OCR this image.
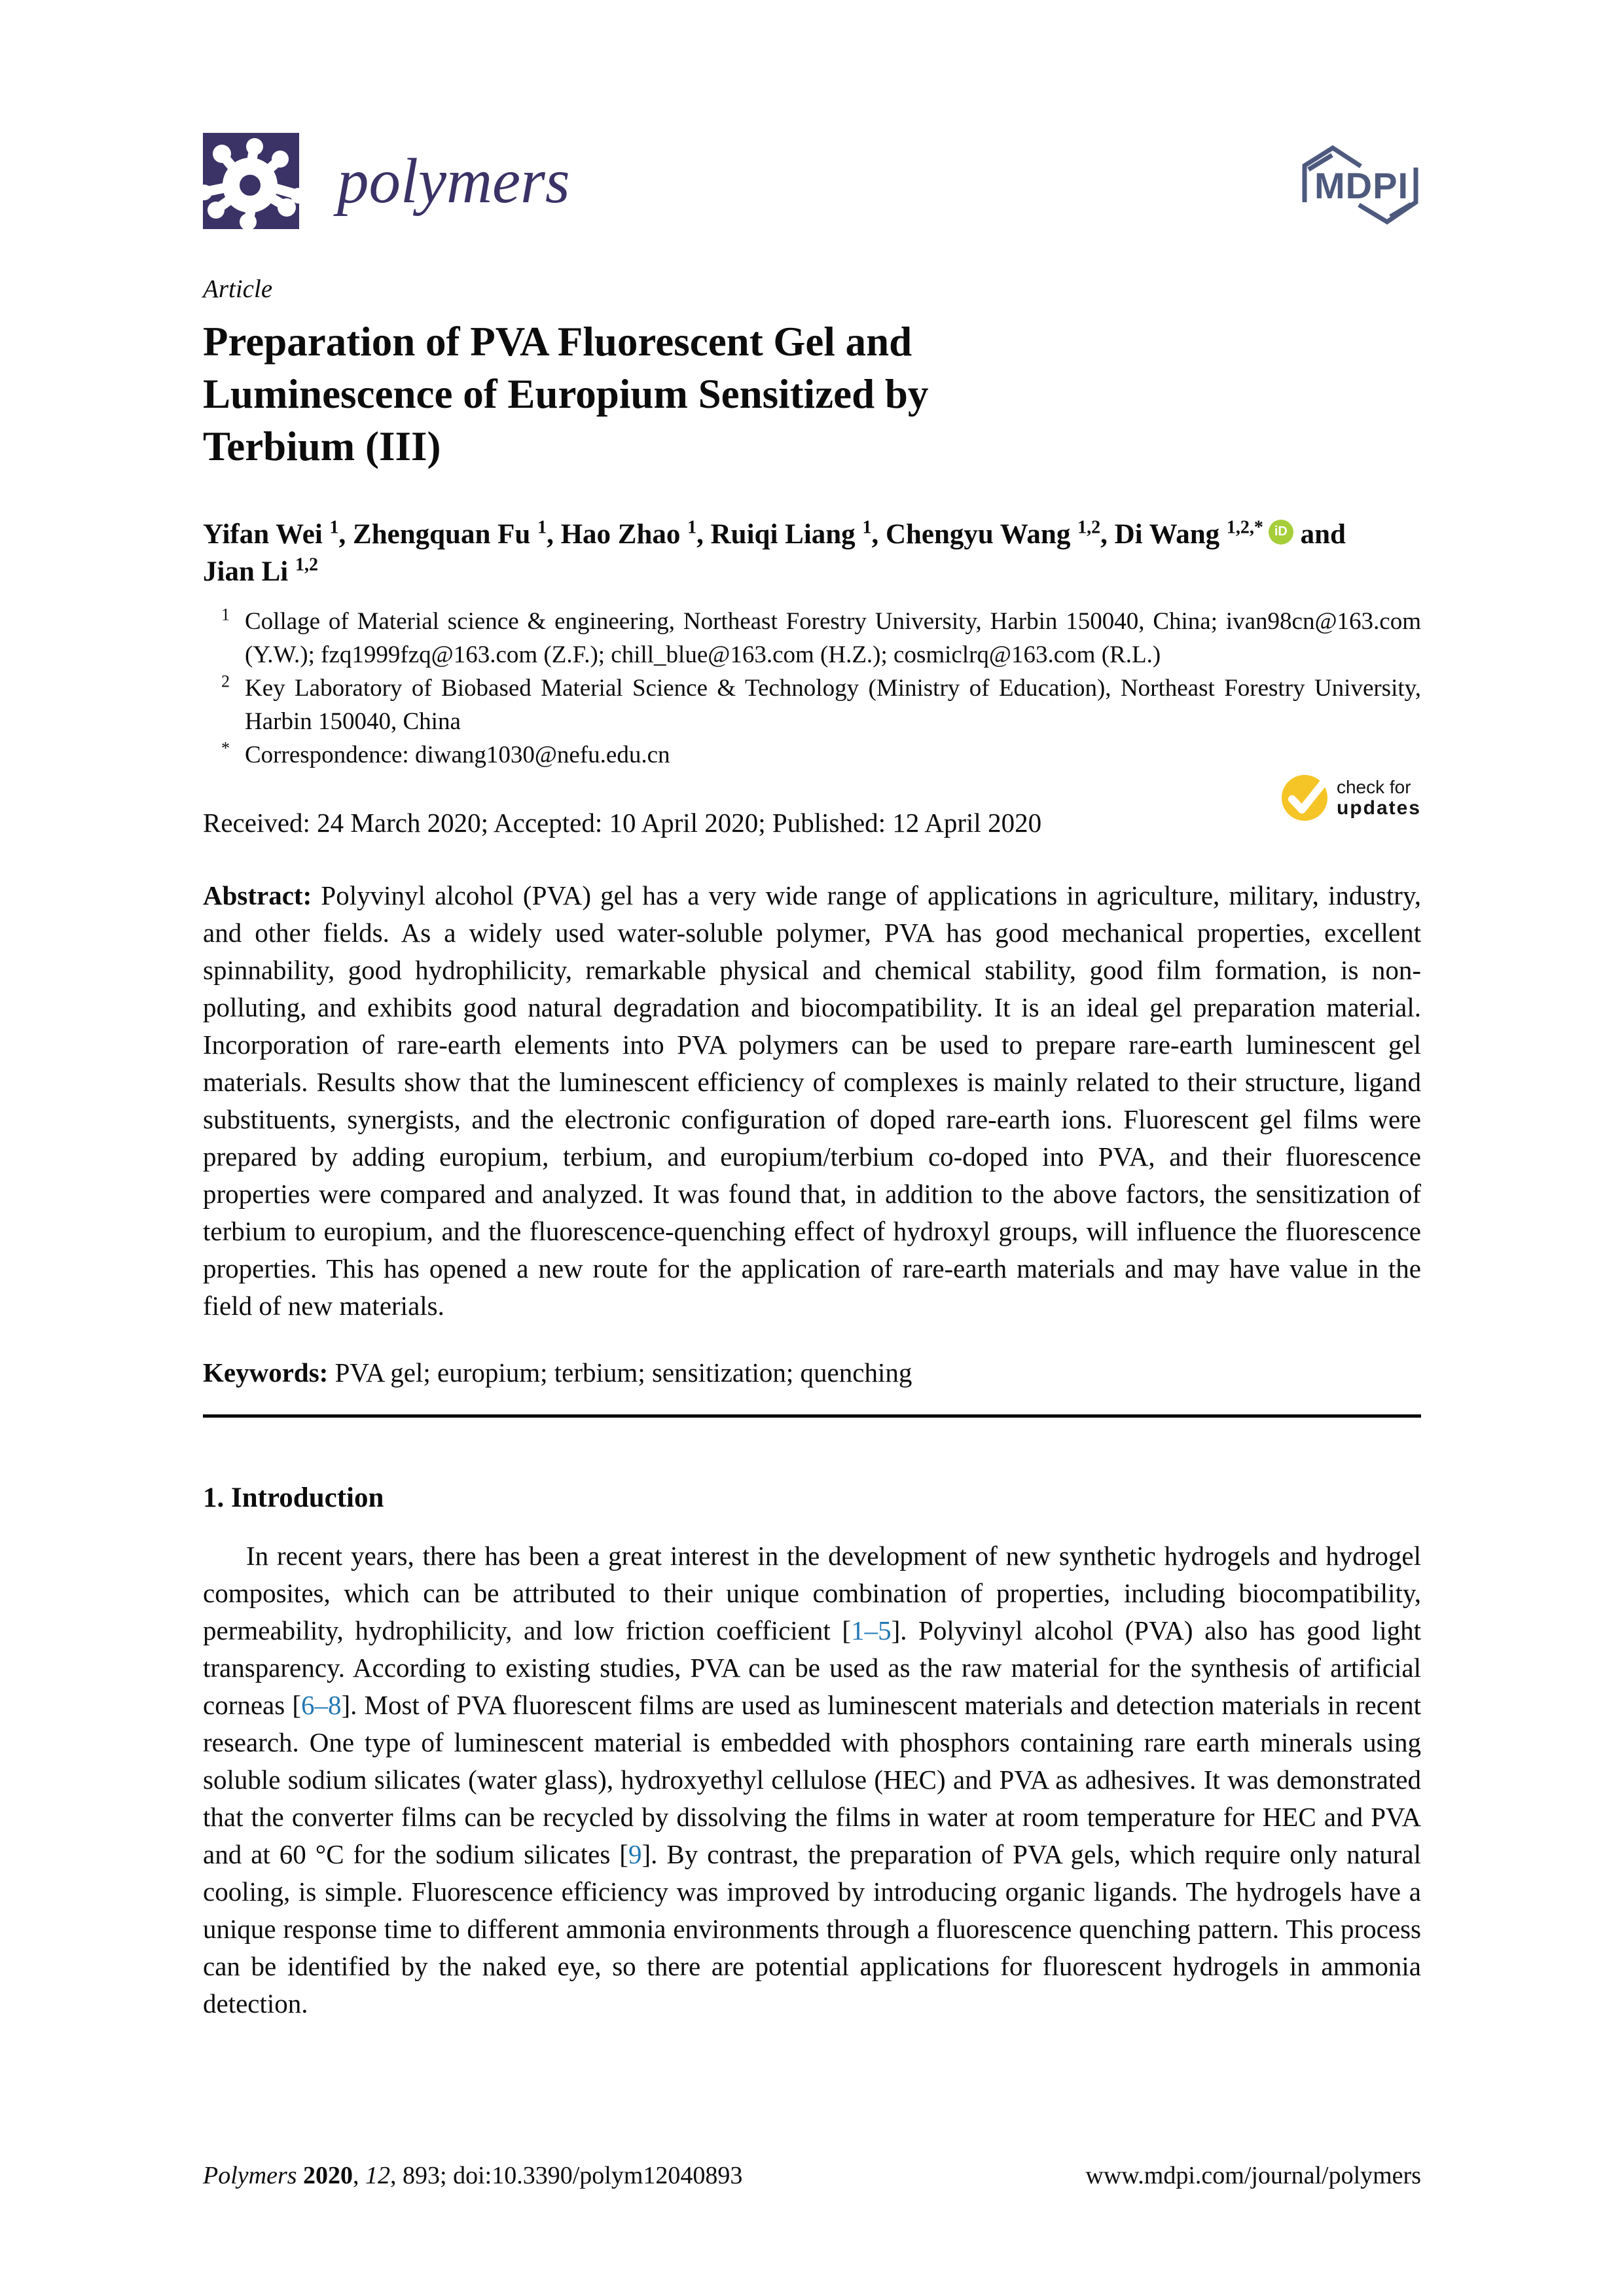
polymers	MDPI
Article
Preparation of PVA Fluorescent Gel and
Luminescence of Europium Sensitized by
Terbium (III)
Yifan Wei $^1$, Zhengquan Fu $^1$, Hao Zhao $^1$, Ruiqi Liang $^1$, Chengyu Wang $^{1,2}$, Di Wang $^{1,2,*}$ iD and
Jian Li $^{1,2}$
$^1$ Collage of Material science & engineering, Northeast Forestry University, Harbin 150040, China; ivan98cn@163.com (Y.W.); fzq1999fzq@163.com (Z.F.); chill_blue@163.com (H.Z.); cosmiclrq@163.com (R.L.)
$^2$ Key Laboratory of Biobased Material Science & Technology (Ministry of Education), Northeast Forestry University, Harbin 150040, China
* Correspondence: diwang1030@nefu.edu.cn
Received: 24 March 2020; Accepted: 10 April 2020; Published: 12 April 2020
check for
updates
Abstract: Polyvinyl alcohol (PVA) gel has a very wide range of applications in agriculture, military, industry, and other fields. As a widely used water-soluble polymer, PVA has good mechanical properties, excellent spinnability, good hydrophilicity, remarkable physical and chemical stability, good film formation, is non-polluting, and exhibits good natural degradation and biocompatibility. It is an ideal gel preparation material. Incorporation of rare-earth elements into PVA polymers can be used to prepare rare-earth luminescent gel materials. Results show that the luminescent efficiency of complexes is mainly related to their structure, ligand substituents, synergists, and the electronic configuration of doped rare-earth ions. Fluorescent gel films were prepared by adding europium, terbium, and europium/terbium co-doped into PVA, and their fluorescence properties were compared and analyzed. It was found that, in addition to the above factors, the sensitization of terbium to europium, and the fluorescence-quenching effect of hydroxyl groups, will influence the fluorescence properties. This has opened a new route for the application of rare-earth materials and may have value in the field of new materials.
Keywords: PVA gel; europium; terbium; sensitization; quenching
1. Introduction
In recent years, there has been a great interest in the development of new synthetic hydrogels and hydrogel composites, which can be attributed to their unique combination of properties, including biocompatibility, permeability, hydrophilicity, and low friction coefficient [1–5]. Polyvinyl alcohol (PVA) also has good light transparency. According to existing studies, PVA can be used as the raw material for the synthesis of artificial corneas [6–8]. Most of PVA fluorescent films are used as luminescent materials and detection materials in recent research. One type of luminescent material is embedded with phosphors containing rare earth minerals using soluble sodium silicates (water glass), hydroxyethyl cellulose (HEC) and PVA as adhesives. It was demonstrated that the converter films can be recycled by dissolving the films in water at room temperature for HEC and PVA and at 60 °C for the sodium silicates [9]. By contrast, the preparation of PVA gels, which require only natural cooling, is simple. Fluorescence efficiency was improved by introducing organic ligands. The hydrogels have a unique response time to different ammonia environments through a fluorescence quenching pattern. This process can be identified by the naked eye, so there are potential applications for fluorescent hydrogels in ammonia detection.
Polymers 2020, 12, 893; doi:10.3390/polym12040893	www.mdpi.com/journal/polymers
